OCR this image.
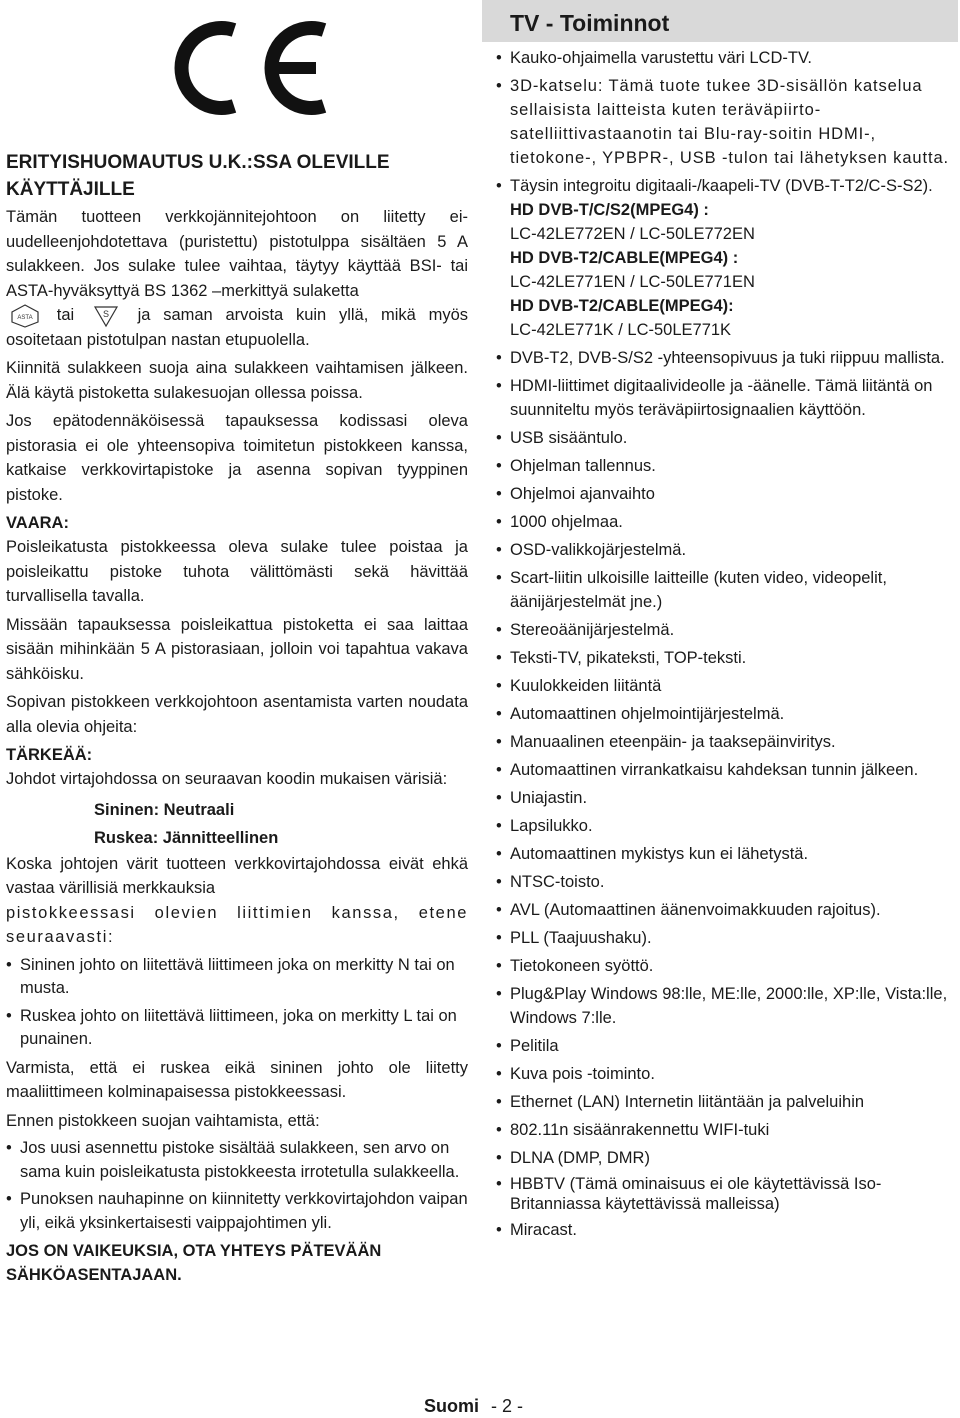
ERITYISHUOMAUTUS U.K.:SSA OLEVILLE KÄYTTÄJILLE

Tämän tuotteen verkkojännitejohtoon on liitetty ei-uudelleenjohdotettava (puristettu) pistotulppa sisältäen 5 A sulakkeen. Jos sulake tulee vaihtaa, täytyy käyttää BSI- tai ASTA-hyväksyttyä BS 1362 –merkittyä sulaketta

ASTA tai	S ja saman arvoista kuin yllä, mikä myös osoitetaan pistotulpan nastan etupuolella.

Kiinnitä sulakkeen suoja aina sulakkeen vaihtamisen jälkeen. Älä käytä pistoketta sulakesuojan ollessa poissa.

Jos epätodennäköisessä tapauksessa kodissasi oleva pistorasia ei ole yhteensopiva toimitetun pistokkeen kanssa, katkaise verkkovirtapistoke ja asenna sopivan tyyppinen pistoke.

VAARA:

Poisleikatusta pistokkeessa oleva sulake tulee poistaa ja poisleikattu pistoke tuhota välittömästi sekä hävittää turvallisella tavalla.

Missään tapauksessa poisleikattua pistoketta ei saa laittaa sisään mihinkään 5 A pistorasiaan, jolloin voi tapahtua vakava sähköisku.

Sopivan pistokkeen verkkojohtoon asentamista varten noudata alla olevia ohjeita:

TÄRKEÄÄ:

Johdot virtajohdossa on seuraavan koodin mukaisen värisiä:

Sininen: Neutraali

Ruskea: Jännitteellinen

Koska johtojen värit tuotteen verkkovirtajohdossa eivät ehkä vastaa värillisiä merkkauksia

pistokkeessasi olevien liittimien kanssa, etene seuraavasti:

• Sininen johto on liitettävä liittimeen joka on merkitty N tai on musta.

• Ruskea johto on liitettävä liittimeen, joka on merkitty L tai on punainen.

Varmista, että ei ruskea eikä sininen johto ole liitetty maaliittimeen kolminapaisessa pistokkeessasi.

Ennen pistokkeen suojan vaihtamista, että:

• Jos uusi asennettu pistoke sisältää sulakkeen, sen arvo on sama kuin poisleikatusta pistokkeesta irrotetulla sulakkeella.

• Punoksen nauhapinne on kiinnitetty verkkovirtajohdon vaipan yli, eikä yksinkertaisesti vaippajohtimen yli.

JOS ON VAIKEUKSIA, OTA YHTEYS PÄTEVÄÄN SÄHKÖASENTAJAAN.

TV - Toiminnot

• Kauko-ohjaimella varustettu väri LCD-TV.

• 3D-katselu: Tämä tuote tukee 3D-sisällön katselua sellaisista laitteista kuten teräväpiirto-satelliittivastaanotin tai Blu-ray-soitin HDMI-, tietokone-, YPBPR-, USB -tulon tai lähetyksen kautta.

• Täysin integroitu digitaali-/kaapeli-TV (DVB-T-T2/C-S-S2).

HD DVB-T/C/S2(MPEG4) :

LC-42LE772EN / LC-50LE772EN

HD DVB-T2/CABLE(MPEG4) :

LC-42LE771EN / LC-50LE771EN

HD DVB-T2/CABLE(MPEG4):

LC-42LE771K / LC-50LE771K

• DVB-T2, DVB-S/S2 -yhteensopivuus ja tuki riippuu mallista.

• HDMI-liittimet digitaalivideolle ja -äänelle. Tämä liitäntä on suunniteltu myös teräväpiirtosignaalien käyttöön.

• USB sisääntulo.

• Ohjelman tallennus.

• Ohjelmoi ajanvaihto

• 1000 ohjelmaa.

• OSD-valikkojärjestelmä.

• Scart-liitin ulkoisille laitteille (kuten video, videopelit, äänijärjestelmät jne.)

• Stereoäänijärjestelmä.

• Teksti-TV, pikateksti, TOP-teksti.

• Kuulokkeiden liitäntä

• Automaattinen ohjelmointijärjestelmä.

• Manuaalinen eteenpäin- ja taaksepäinviritys.

• Automaattinen virrankatkaisu kahdeksan tunnin jälkeen.

• Uniajastin.

• Lapsilukko.

• Automaattinen mykistys kun ei lähetystä.

• NTSC-toisto.

• AVL (Automaattinen äänenvoimakkuuden rajoitus).

• PLL (Taajuushaku).

• Tietokoneen syöttö.

• Plug&Play Windows 98:lle, ME:lle, 2000:lle, XP:lle, Vista:lle, Windows 7:lle.

• Pelitila

• Kuva pois -toiminto.

• Ethernet (LAN) Internetin liitäntään ja palveluihin

• 802.11n sisäänrakennettu WIFI-tuki

• DLNA (DMP, DMR)

• HBBTV (Tämä ominaisuus ei ole käytettävissä Iso-Britanniassa käytettävissä malleissa)

• Miracast.

Suomi - 2 -
